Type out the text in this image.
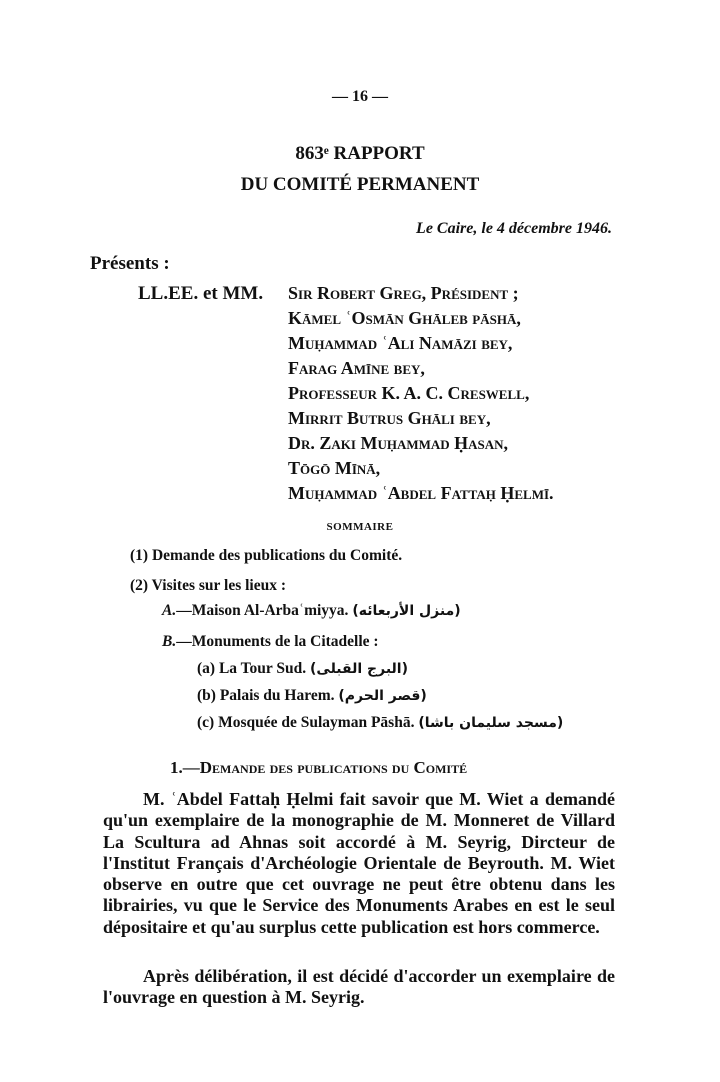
— 16 —
863ᵉ RAPPORT
DU COMITÉ PERMANENT
Le Caire, le 4 décembre 1946.
Présents :
LL.EE. et MM. Sir Robert Greg, Président ;
Kāmel ʿOsmān Ghāleb pāshā,
Muḥammad ʿAli Namāzi bey,
Farag Amīne bey,
Professeur K. A. C. Creswell,
Mirrit Butrus Ghāli bey,
Dr. Zaki Muḥammad Ḥasan,
Tōgō Mīnā,
Muḥammad ʿAbdel Fattaḥ Ḥelmī.
SOMMAIRE
(1) Demande des publications du Comité.
(2) Visites sur les lieux :
A.—Maison Al-Arbaʿmiyya. (منزل الأربعائه)
B.—Monuments de la Citadelle :
(a) La Tour Sud. (البرج القبلى)
(b) Palais du Harem. (قصر الحرم)
(c) Mosquée de Sulayman Pāshā. (مسجد سليمان باشا)
1.—Demande des publications du Comité
M. ʿAbdel Fattaḥ Ḥelmi fait savoir que M. Wiet a demandé qu'un exemplaire de la monographie de M. Monneret de Villard La Scultura ad Ahnas soit accordé à M. Seyrig, Dircteur de l'Institut Français d'Archéologie Orientale de Beyrouth. M. Wiet observe en outre que cet ouvrage ne peut être obtenu dans les librairies, vu que le Service des Monuments Arabes en est le seul dépositaire et qu'au surplus cette publication est hors commerce.
Après délibération, il est décidé d'accorder un exemplaire de l'ouvrage en question à M. Seyrig.
